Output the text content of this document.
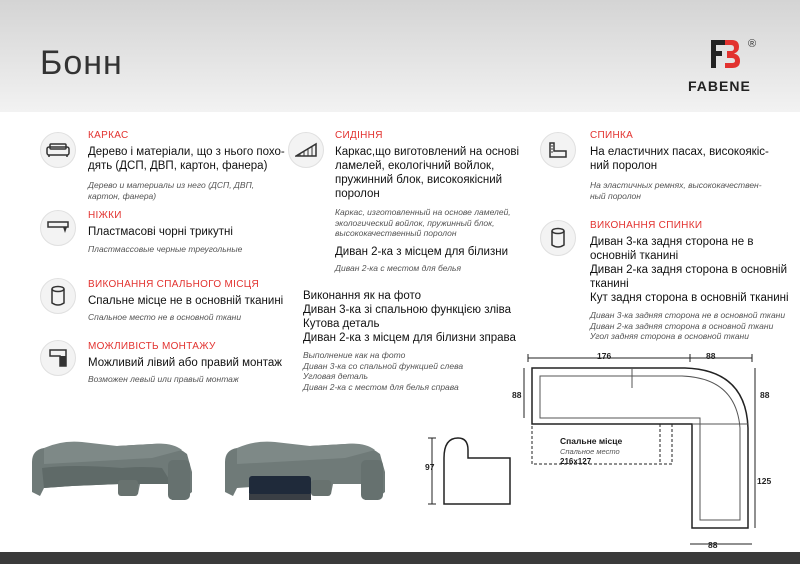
Бонн	®
FABENE
КАРКАС
Дерево і матеріали, що з нього похо-
дять (ДСП, ДВП, картон, фанера)
Дерево и материалы из него (ДСП, ДВП,
картон, фанера)
НІЖКИ
Пластмасові чорні трикутні
Пластмассовые черные треугольные
ВИКОНАННЯ СПАЛЬНОГО МІСЦЯ
Спальне місце не в основній тканині
Спальное место не в основной ткани
МОЖЛИВІСТЬ МОНТАЖУ
Можливий лівий або правий монтаж
Возможен левый или правый монтаж
СИДІННЯ
Каркас,що виготовлений на основі
ламелей, екологічний войлок,
пружинний блок, високоякісний
поролон
Каркас, изготовленный на основе ламелей,
экологический войлок, пружинный блок,
высококачественный поролон
Диван 2-ка з місцем для білизни
Диван 2-ка с местом для белья
Виконання як на фото
Диван 3-ка зі спальною функцією зліва
Кутова деталь
Диван 2-ка з місцем для білизни зправа
Выполнение как на фото
Диван 3-ка со спальной функцией слева
Угловая деталь
Диван 2-ка с местом для белья справа
СПИНКА
На еластичних пасах, високоякіс-
ний поролон
На эластичных ремнях, высококачествен-
ный поролон
ВИКОНАННЯ СПИНКИ
Диван 3-ка задня сторона не в
основній тканині
Диван 2-ка задня сторона в основній
тканині
Кут задня сторона в основній тканині
Диван 3-ка задняя сторона не в основной ткани
Диван 2-ка задняя сторона в основной ткани
Угол задняя сторона в основной ткани
97
176	88
88	88
125
88
Спальне місце
Спальное место
216x127
